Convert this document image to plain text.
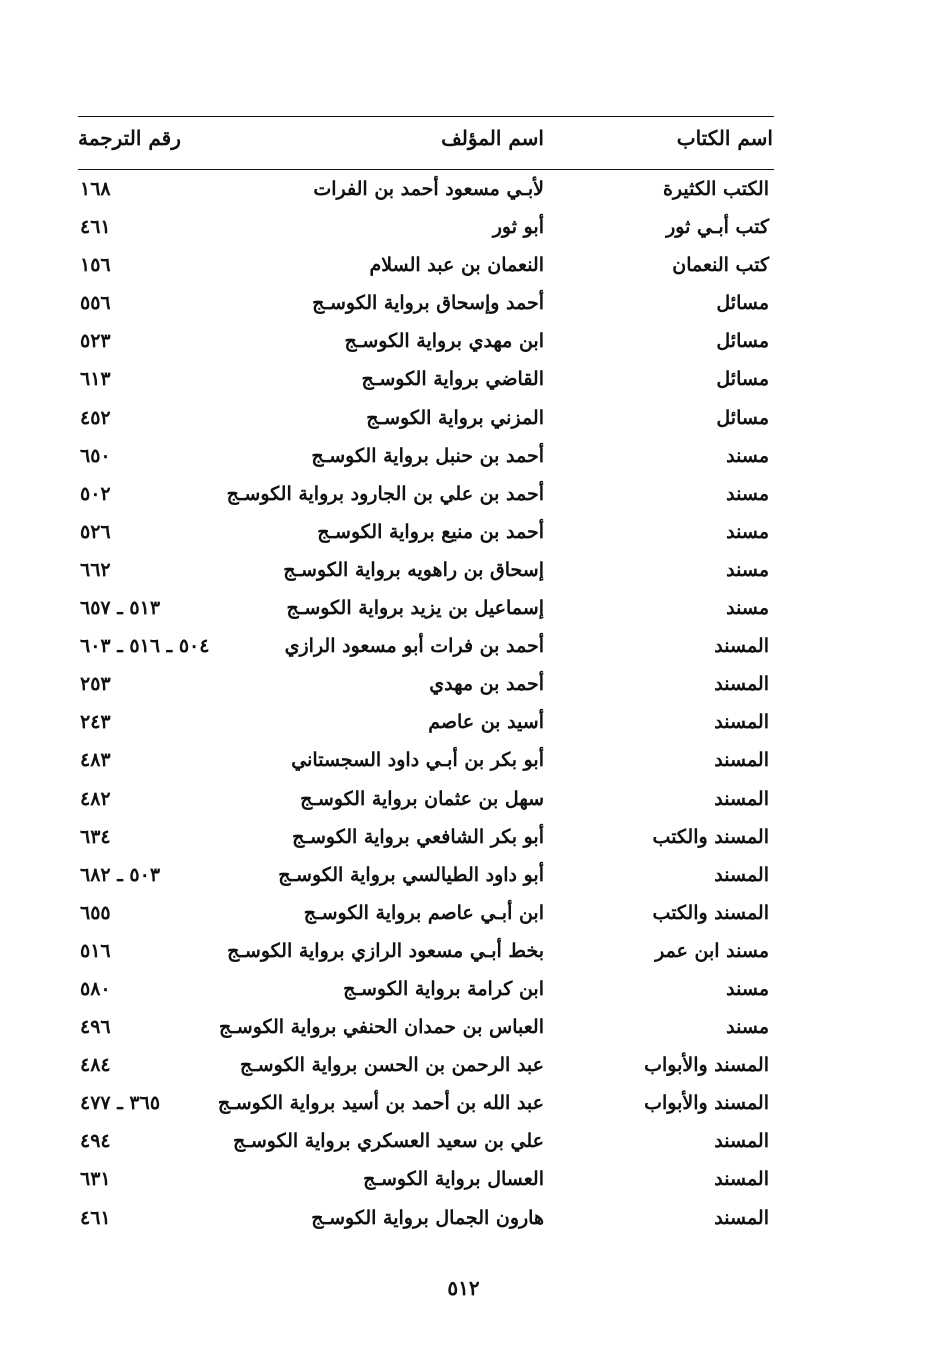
اسم الكتاب
اسم المؤلف
رقم الترجمة
الكتب الكثيرة
لأبـي مسعود أحمد بن الفرات
١٦٨
كتب أبـي ثور
أبو ثور
٤٦١
كتب النعمان
النعمان بن عبد السلام
١٥٦
مسائل
أحمد وإسحاق برواية الكوسـج
٥٥٦
مسائل
ابن مهدي برواية الكوسـج
٥٢٣
مسائل
القاضي برواية الكوسـج
٦١٣
مسائل
المزني برواية الكوسـج
٤٥٢
مسند
أحمد بن حنبل برواية الكوسـج
٦٥٠
مسند
أحمد بن علي بن الجارود برواية الكوسـج
٥٠٢
مسند
أحمد بن منيع برواية الكوسـج
٥٢٦
مسند
إسحاق بن راهويه برواية الكوسـج
٦٦٢
مسند
إسماعيل بن يزيد برواية الكوسـج
٥١٣ ـ ٦٥٧
المسند
أحمد بن فرات أبو مسعود الرازي
٥٠٤ ـ ٥١٦ ـ ٦٠٣
المسند
أحمد بن مهدي
٢٥٣
المسند
أسيد بن عاصم
٢٤٣
المسند
أبو بكر بن أبـي داود السجستاني
٤٨٣
المسند
سهل بن عثمان برواية الكوسـج
٤٨٢
المسند والكتب
أبو بكر الشافعي برواية الكوسـج
٦٣٤
المسند
أبو داود الطيالسي برواية الكوسـج
٥٠٣ ـ ٦٨٢
المسند والكتب
ابن أبـي عاصم برواية الكوسـج
٦٥٥
مسند ابن عمر
بخط أبـي مسعود الرازي برواية الكوسـج
٥١٦
مسند
ابن كرامة برواية الكوسـج
٥٨٠
مسند
العباس بن حمدان الحنفي برواية الكوسـج
٤٩٦
المسند والأبواب
عبد الرحمن بن الحسن برواية الكوسـج
٤٨٤
المسند والأبواب
عبد الله بن أحمد بن أسيد برواية الكوسـج
٣٦٥ ـ ٤٧٧
المسند
علي بن سعيد العسكري برواية الكوسـج
٤٩٤
المسند
العسال برواية الكوسـج
٦٣١
المسند
هارون الجمال برواية الكوسـج
٤٦١
٥١٢
